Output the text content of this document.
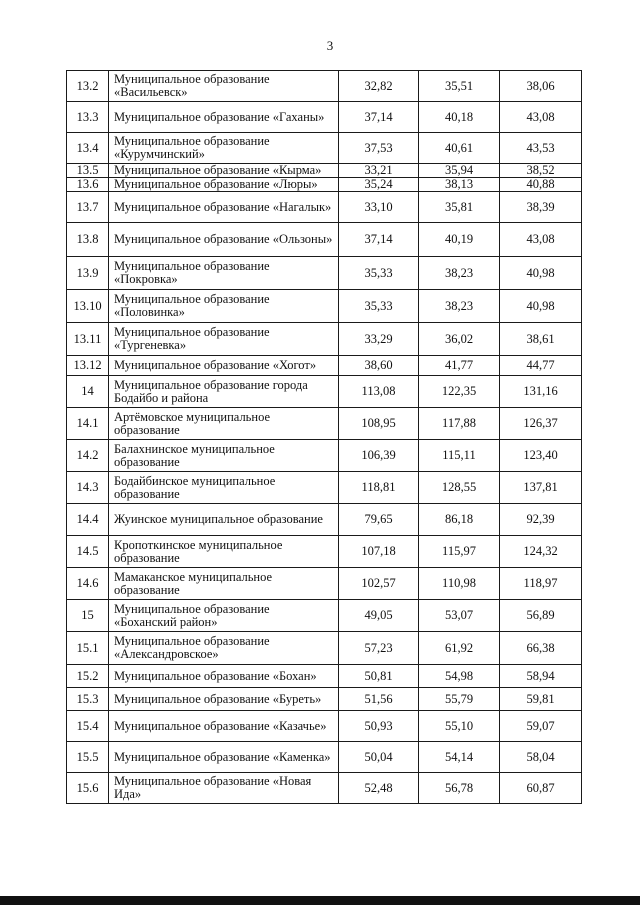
3
13.2	Муниципальное образование «Васильевск»	32,82	35,51	38,06
13.3	Муниципальное образование «Гаханы»	37,14	40,18	43,08
13.4	Муниципальное образование «Курумчинский»	37,53	40,61	43,53
13.5	Муниципальное образование «Кырма»	33,21	35,94	38,52
13.6	Муниципальное образование «Люры»	35,24	38,13	40,88
13.7	Муниципальное образование «Нагалык»	33,10	35,81	38,39
13.8	Муниципальное образование «Ользоны»	37,14	40,19	43,08
13.9	Муниципальное образование «Покровка»	35,33	38,23	40,98
13.10	Муниципальное образование «Половинка»	35,33	38,23	40,98
13.11	Муниципальное образование «Тургеневка»	33,29	36,02	38,61
13.12	Муниципальное образование «Хогот»	38,60	41,77	44,77
14	Муниципальное образование города Бодайбо и района	113,08	122,35	131,16
14.1	Артёмовское муниципальное образование	108,95	117,88	126,37
14.2	Балахнинское муниципальное образование	106,39	115,11	123,40
14.3	Бодайбинское муниципальное образование	118,81	128,55	137,81
14.4	Жуинское муниципальное образование	79,65	86,18	92,39
14.5	Кропоткинское муниципальное образование	107,18	115,97	124,32
14.6	Мамаканское муниципальное образование	102,57	110,98	118,97
15	Муниципальное образование «Боханский район»	49,05	53,07	56,89
15.1	Муниципальное образование «Александровское»	57,23	61,92	66,38
15.2	Муниципальное образование «Бохан»	50,81	54,98	58,94
15.3	Муниципальное образование «Буреть»	51,56	55,79	59,81
15.4	Муниципальное образование «Казачье»	50,93	55,10	59,07
15.5	Муниципальное образование «Каменка»	50,04	54,14	58,04
15.6	Муниципальное образование «Новая Ида»	52,48	56,78	60,87
